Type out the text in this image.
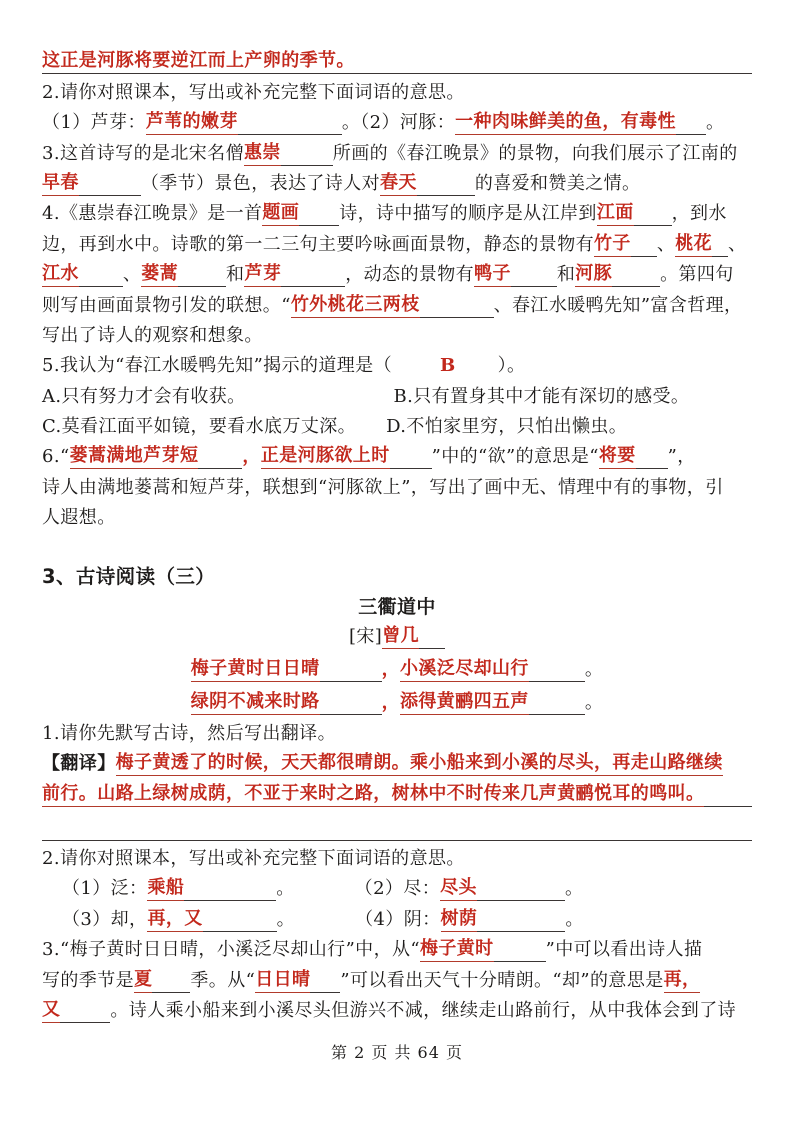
这正是河豚将要逆江而上产卵的季节。
2.请你对照课本，写出或补充完整下面词语的意思。
（1）芦芽： 芦苇的嫩芽	。（2）河豚： 一种肉味鲜美的鱼，有毒性 。
3.这首诗写的是北宋名僧 惠崇	所画的《春江晚景》的景物，向我们展示了江南的
早春	（季节）景色，表达了诗人对 春天	的喜爱和赞美之情。
4.《惠崇春江晚景》是一首 题画 诗，诗中描写的顺序是从江岸到 江面 ，到水
边，再到水中。诗歌的第一二三句主要吟咏画面景物，静态的景物有 竹子 、 桃花 、
江水 、 蒌蒿	和 芦芽	，动态的景物有 鸭子	和 河豚	。第四句
则写由画面景物引发的联想。“ 竹外桃花三两枝	、春江水暖鸭先知”富含哲理，
写出了诗人的观察和想象。
5.我认为“春江水暖鸭先知”揭示的道理是（	B ）。
A.只有努力才会有收获。	B.只有置身其中才能有深切的感受。
C.莫看江面平如镜，要看水底万丈深。 D.不怕家里穷，只怕出懒虫。
6.“ 蒌蒿满地芦芽短 ， 正是河豚欲上时 ”中的“欲”的意思是“ 将要 ”，
诗人由满地蒌蒿和短芦芽，联想到“河豚欲上”，写出了画中无、情理中有的事物，引
人遐想。
3、古诗阅读（三）
三衢道中
[宋] 曾几
梅子黄时日日晴	， 小溪泛尽却山行	。
绿阴不减来时路	， 添得黄鹂四五声	。
1.请你先默写古诗，然后写出翻译。
【翻译】 梅子黄透了的时候，天天都很晴朗。乘小船来到小溪的尽头，再走山路继续
前行。山路上绿树成荫，不亚于来时之路，树林中不时传来几声黄鹂悦耳的鸣叫。
2.请你对照课本，写出或补充完整下面词语的意思。
（1）泛： 乘船	。	（2）尽： 尽头	。
（3）却， 再，又	。	（4）阴： 树荫	。
3.“梅子黄时日日晴，小溪泛尽却山行”中，从“ 梅子黄时	”中可以看出诗人描
写的季节是 夏 季。从“ 日日晴 ”可以看出天气十分晴朗。“却”的意思是 再，
又	。诗人乘小船来到小溪尽头但游兴不减，继续走山路前行，从中我体会到了诗
第 2 页 共 64 页
